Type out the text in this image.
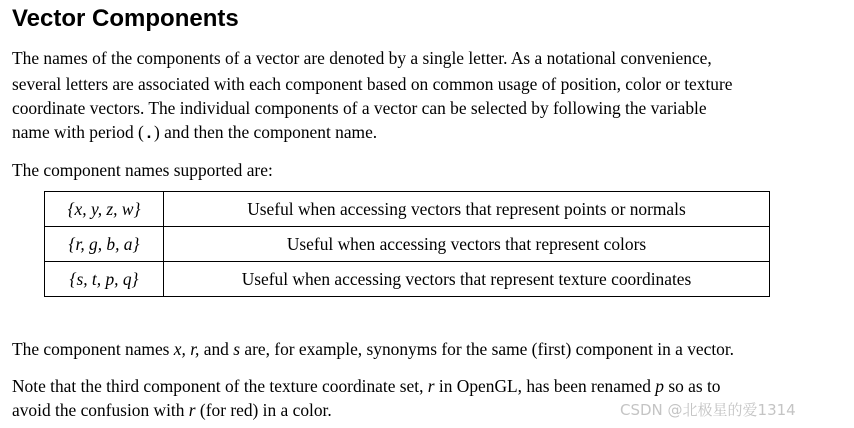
Vector Components

The names of the components of a vector are denoted by a single letter. As a notational convenience,

several letters are associated with each component based on common usage of position, color or texture

coordinate vectors. The individual components of a vector can be selected by following the variable

name with period (.) and then the component name.

The component names supported are:

{x, y, z, w}	Useful when accessing vectors that represent points or normals
{r, g, b, a}	Useful when accessing vectors that represent colors
{s, t, p, q}	Useful when accessing vectors that represent texture coordinates

The component names x, r, and s are, for example, synonyms for the same (first) component in a vector.

Note that the third component of the texture coordinate set, r in OpenGL, has been renamed p so as to

avoid the confusion with r (for red) in a color.	CSDN @北极星的爱1314
